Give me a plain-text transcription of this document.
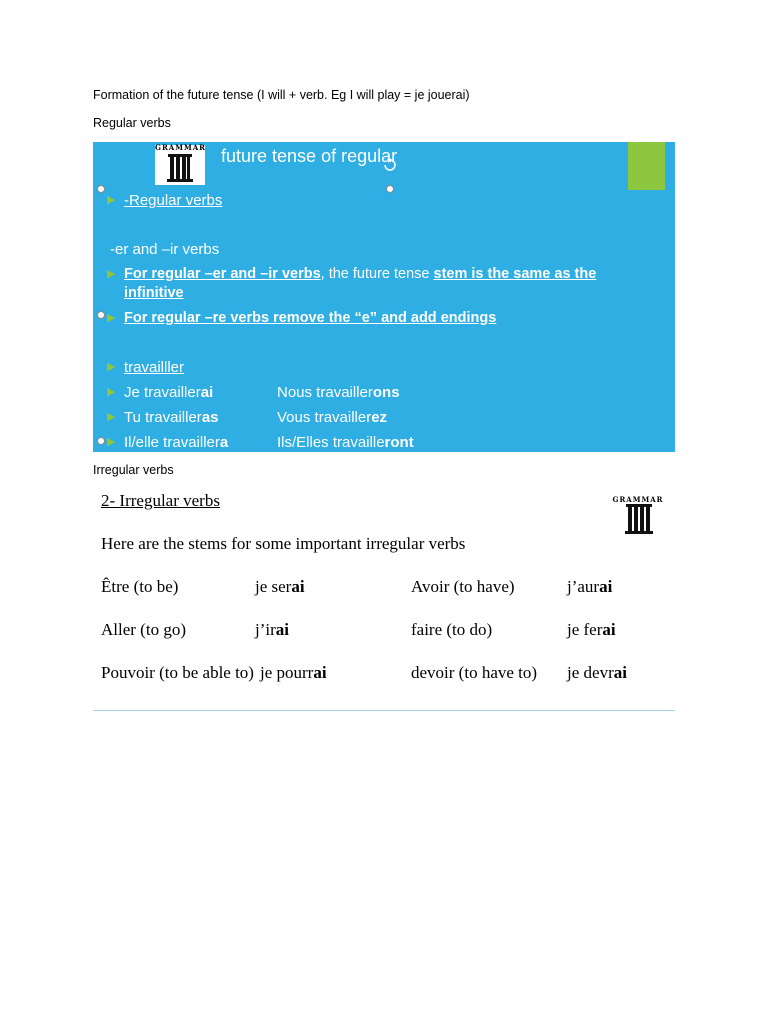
Formation of the future tense (I will + verb. Eg I will play = je jouerai)
Regular verbs
GRAMMAR future tense of regular
▶ -Regular verbs
-er and –ir verbs
▶ For regular –er and –ir verbs, the future tense stem is the same as the
infinitive
▶ For regular –re verbs remove the “e” and add endings
▶ travailller
▶ Je travaillerai	Nous travaillerons
▶ Tu travailleras	Vous travaillerez
▶ Il/elle travaillera	Ils/Elles travailleront
Irregular verbs
2- Irregular verbs	GRAMMAR
Here are the stems for some important irregular verbs
Être (to be)	je serai	Avoir (to have)	j’aurai
Aller (to go)	j’irai	faire (to do)	je ferai
Pouvoir (to be able to) je pourrai	devoir (to have to) je devrai
